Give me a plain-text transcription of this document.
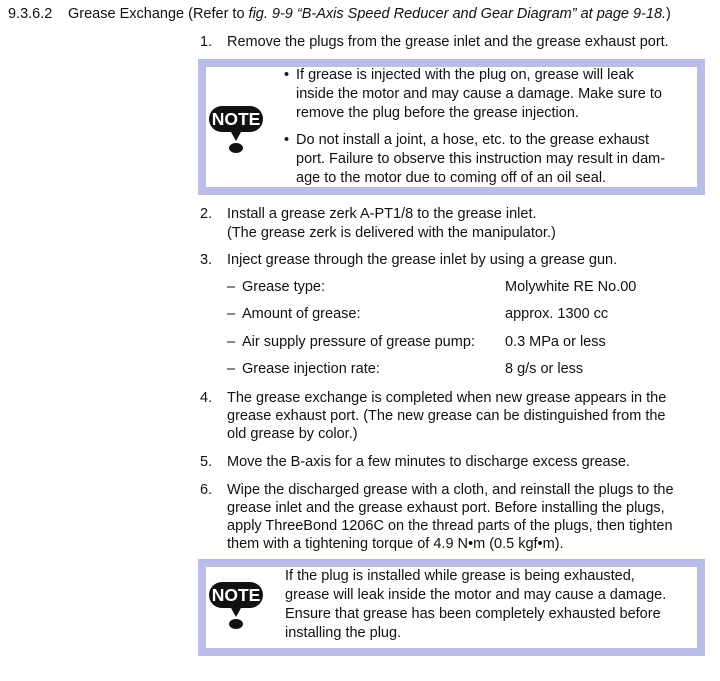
9.3.6.2 Grease Exchange (Refer to fig. 9-9 “B-Axis Speed Reducer and Gear Diagram” at page 9-18.)
1. Remove the plugs from the grease inlet and the grease exhaust port.
NOTE
• If grease is injected with the plug on, grease will leak
inside the motor and may cause a damage. Make sure to
remove the plug before the grease injection.
• Do not install a joint, a hose, etc. to the grease exhaust
port. Failure to observe this instruction may result in dam-
age to the motor due to coming off of an oil seal.
2. Install a grease zerk A-PT1/8 to the grease inlet.
(The grease zerk is delivered with the manipulator.)
3. Inject grease through the grease inlet by using a grease gun.
– Grease type:	Molywhite RE No.00
– Amount of grease:	approx. 1300 cc
– Air supply pressure of grease pump: 0.3 MPa or less
– Grease injection rate:	8 g/s or less
4. The grease exchange is completed when new grease appears in the
grease exhaust port. (The new grease can be distinguished from the
old grease by color.)
5. Move the B-axis for a few minutes to discharge excess grease.
6. Wipe the discharged grease with a cloth, and reinstall the plugs to the
grease inlet and the grease exhaust port. Before installing the plugs,
apply ThreeBond 1206C on the thread parts of the plugs, then tighten
them with a tightening torque of 4.9 N•m (0.5 kgf•m).
NOTE
If the plug is installed while grease is being exhausted,
grease will leak inside the motor and may cause a damage.
Ensure that grease has been completely exhausted before
installing the plug.
